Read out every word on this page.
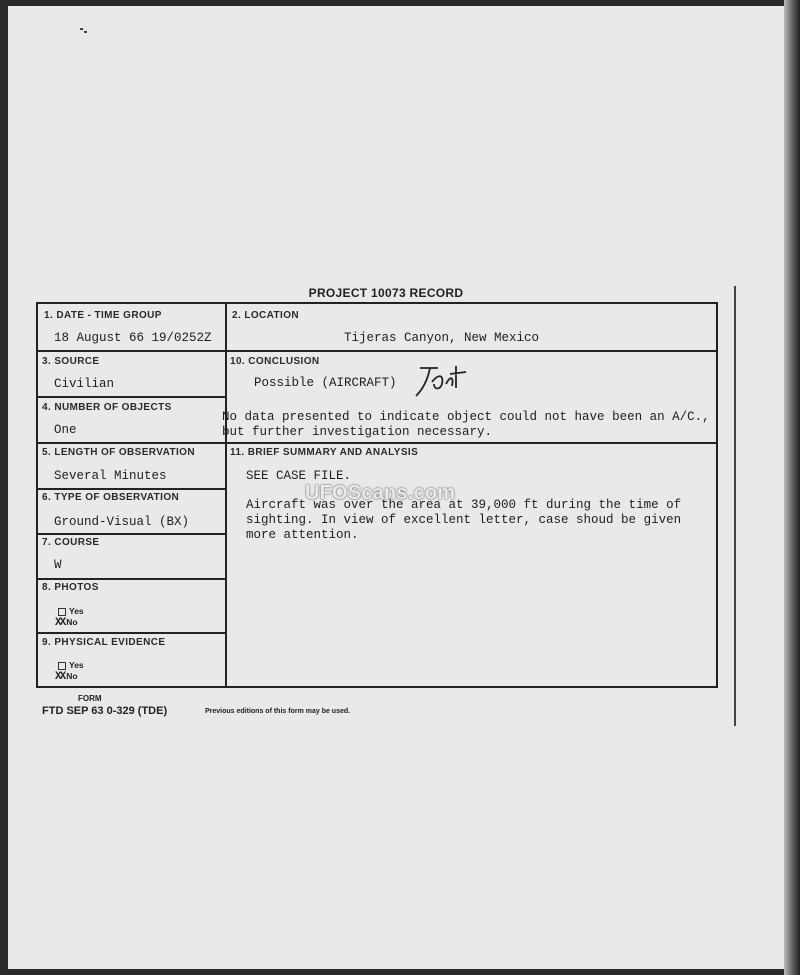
PROJECT 10073 RECORD
1. DATE - TIME GROUP
18 August 66 19/0252Z
2. LOCATION
Tijeras Canyon, New Mexico
3. SOURCE
Civilian
10. CONCLUSION
Possible (AIRCRAFT)
No data presented to indicate object could not have been an A/C.,
but further investigation necessary.
4. NUMBER OF OBJECTS
One
5. LENGTH OF OBSERVATION
Several Minutes
11. BRIEF SUMMARY AND ANALYSIS
SEE CASE FILE.
Aircraft was over the area at 39,000 ft during the time of
sighting. In view of excellent letter, case shoud be given
more attention.
6. TYPE OF OBSERVATION
Ground-Visual (BX)
7. COURSE
W
8. PHOTOS
Yes
XX No
9. PHYSICAL EVIDENCE
Yes
XX No
UFOScans.com
FORM
FTD SEP 63 0-329 (TDE)	Previous editions of this form may be used.
